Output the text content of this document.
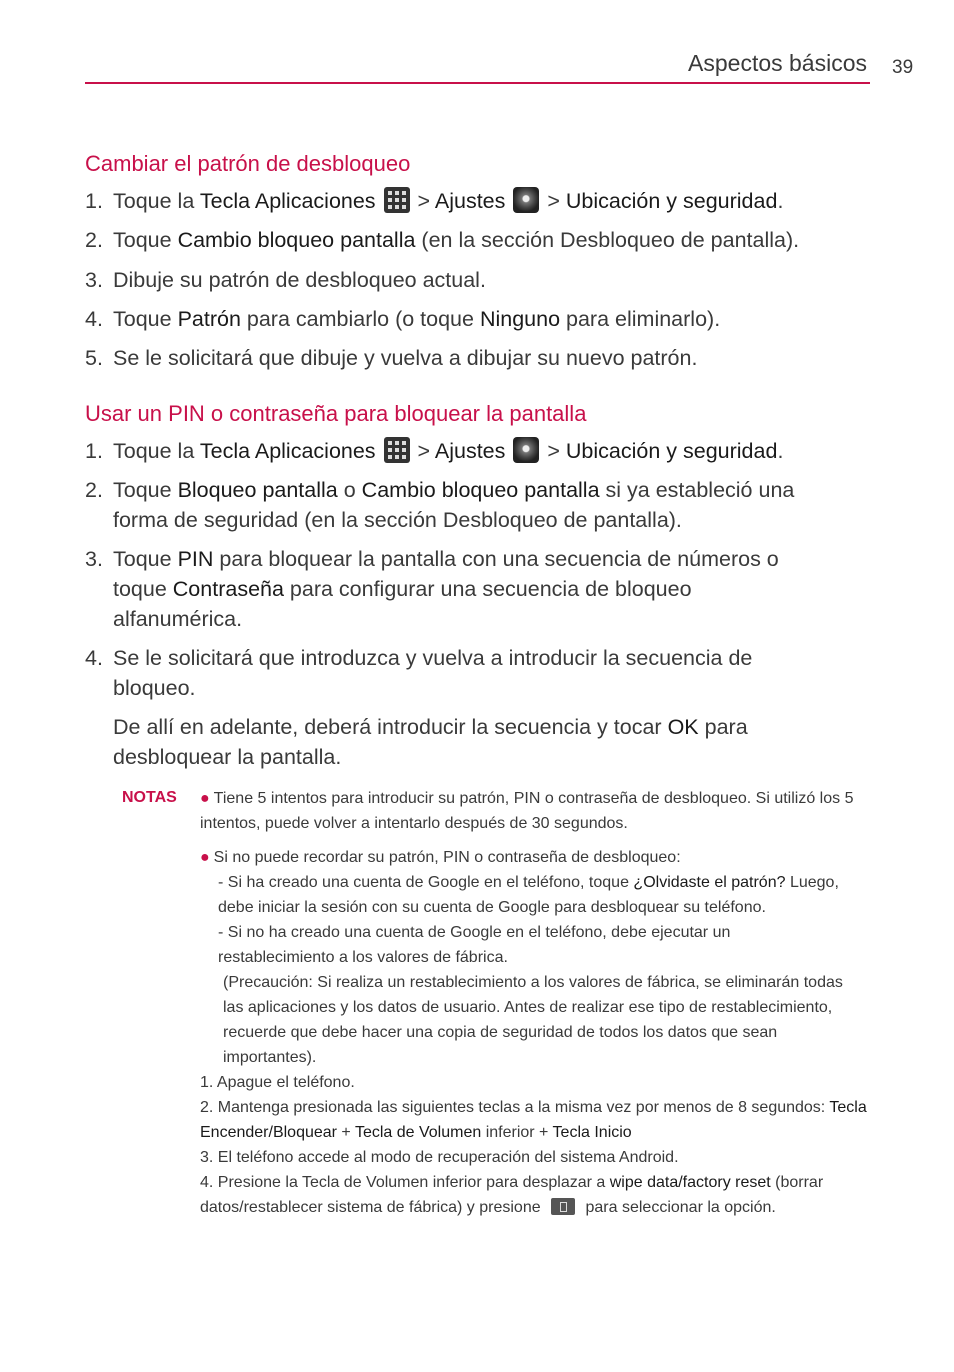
Aspectos básicos 39
Cambiar el patrón de desbloqueo
1. Toque la Tecla Aplicaciones
> Ajustes  > Ubicación y seguridad.
2. Toque Cambio bloqueo pantalla (en la sección Desbloqueo de pantalla).
3. Dibuje su patrón de desbloqueo actual.
4. Toque Patrón para cambiarlo (o toque Ninguno para eliminarlo).
5. Se le solicitará que dibuje y vuelva a dibujar su nuevo patrón.
Usar un PIN o contraseña para bloquear la pantalla
1. Toque la Tecla Aplicaciones
> Ajustes  > Ubicación y seguridad.
2. Toque Bloqueo pantalla o Cambio bloqueo pantalla si ya estableció una forma de seguridad (en la sección Desbloqueo de pantalla).
3. Toque PIN para bloquear la pantalla con una secuencia de números o toque Contraseña para configurar una secuencia de bloqueo alfanumérica.
4. Se le solicitará que introduzca y vuelva a introducir la secuencia de bloqueo.
De allí en adelante, deberá introducir la secuencia y tocar OK para desbloquear la pantalla.
NOTAS ● Tiene 5 intentos para introducir su patrón, PIN o contraseña de desbloqueo. Si utilizó los 5 intentos, puede volver a intentarlo después de 30 segundos.
● Si no puede recordar su patrón, PIN o contraseña de desbloqueo:
- Si ha creado una cuenta de Google en el teléfono, toque ¿Olvidaste el patrón? Luego, debe iniciar la sesión con su cuenta de Google para desbloquear su teléfono.
- Si no ha creado una cuenta de Google en el teléfono, debe ejecutar un restablecimiento a los valores de fábrica.
(Precaución: Si realiza un restablecimiento a los valores de fábrica, se eliminarán todas las aplicaciones y los datos de usuario. Antes de realizar ese tipo de restablecimiento, recuerde que debe hacer una copia de seguridad de todos los datos que sean importantes).
1. Apague el teléfono.
2. Mantenga presionada las siguientes teclas a la misma vez por menos de 8 segundos: Tecla Encender/Bloquear + Tecla de Volumen inferior + Tecla Inicio
3. El teléfono accede al modo de recuperación del sistema Android.
4. Presione la Tecla de Volumen inferior para desplazar a wipe data/factory reset (borrar datos/restablecer sistema de fábrica) y presione  para seleccionar la opción.
